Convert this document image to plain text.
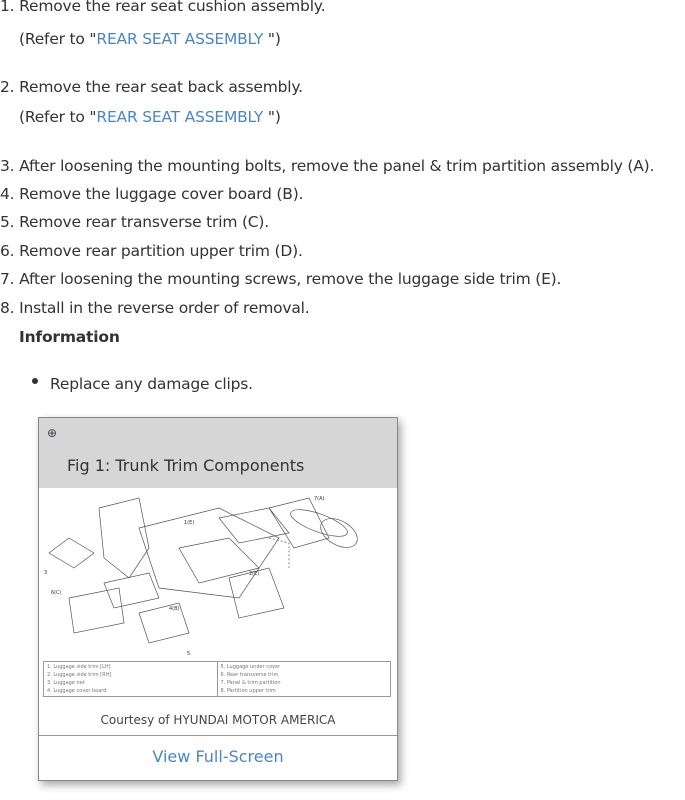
1. Remove the rear seat cushion assembly.
(Refer to "REAR SEAT ASSEMBLY ")
2. Remove the rear seat back assembly.
(Refer to "REAR SEAT ASSEMBLY ")
3. After loosening the mounting bolts, remove the panel & trim partition assembly (A).
4. Remove the luggage cover board (B).
5. Remove rear transverse trim (C).
6. Remove rear partition upper trim (D).
7. After loosening the mounting screws, remove the luggage side trim (E).
8. Install in the reverse order of removal.
Information
Replace any damage clips.
⊕
Fig 1: Trunk Trim Components
1(E)
7(A)
2(E)
3
6(C)
4(B)
5
1. Luggage side trim [LH]
2. Luggage side trim [RH]
3. Luggage net
4. Luggage cover board
5. Luggage under cover
6. Rear transverse trim
7. Panel & trim partition
8. Partition upper trim
Courtesy of HYUNDAI MOTOR AMERICA
View Full-Screen
